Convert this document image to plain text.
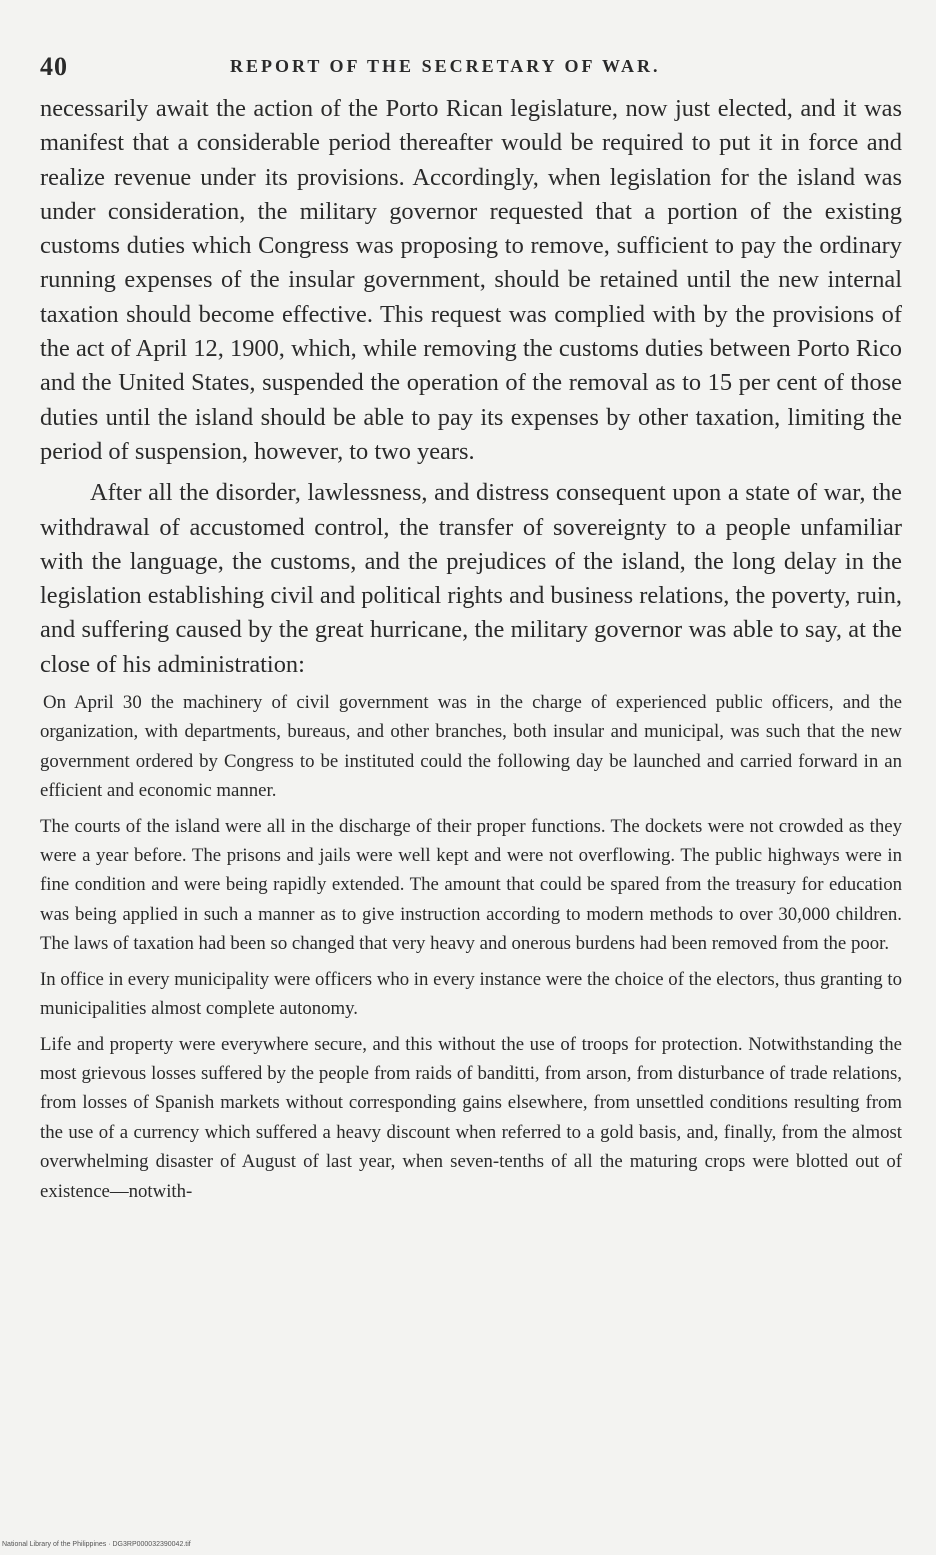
40	REPORT OF THE SECRETARY OF WAR.

necessarily await the action of the Porto Rican legislature, now just elected, and it was manifest that a considerable period thereafter would be required to put it in force and realize revenue under its provisions. Accordingly, when legislation for the island was under consideration, the military governor requested that a portion of the existing customs duties which Congress was proposing to remove, sufficient to pay the ordinary running expenses of the insular government, should be retained until the new internal taxation should become effective. This request was complied with by the provisions of the act of April 12, 1900, which, while removing the customs duties between Porto Rico and the United States, suspended the operation of the removal as to 15 per cent of those duties until the island should be able to pay its expenses by other taxation, limiting the period of suspension, however, to two years.

After all the disorder, lawlessness, and distress consequent upon a state of war, the withdrawal of accustomed control, the transfer of sovereignty to a people unfamiliar with the language, the customs, and the prejudices of the island, the long delay in the legislation establishing civil and political rights and business relations, the poverty, ruin, and suffering caused by the great hurricane, the military governor was able to say, at the close of his administration:

On April 30 the machinery of civil government was in the charge of experienced public officers, and the organization, with departments, bureaus, and other branches, both insular and municipal, was such that the new government ordered by Congress to be instituted could the following day be launched and carried forward in an efficient and economic manner.

The courts of the island were all in the discharge of their proper functions. The dockets were not crowded as they were a year before. The prisons and jails were well kept and were not overflowing. The public highways were in fine condition and were being rapidly extended. The amount that could be spared from the treasury for education was being applied in such a manner as to give instruction according to modern methods to over 30,000 children. The laws of taxation had been so changed that very heavy and onerous burdens had been removed from the poor.

In office in every municipality were officers who in every instance were the choice of the electors, thus granting to municipalities almost complete autonomy.

Life and property were everywhere secure, and this without the use of troops for protection. Notwithstanding the most grievous losses suffered by the people from raids of banditti, from arson, from disturbance of trade relations, from losses of Spanish markets without corresponding gains elsewhere, from unsettled conditions resulting from the use of a currency which suffered a heavy discount when referred to a gold basis, and, finally, from the almost overwhelming disaster of August of last year, when seven-tenths of all the maturing crops were blotted out of existence—notwith-

National Library of the Philippines · DG3RP000032390042.tif
